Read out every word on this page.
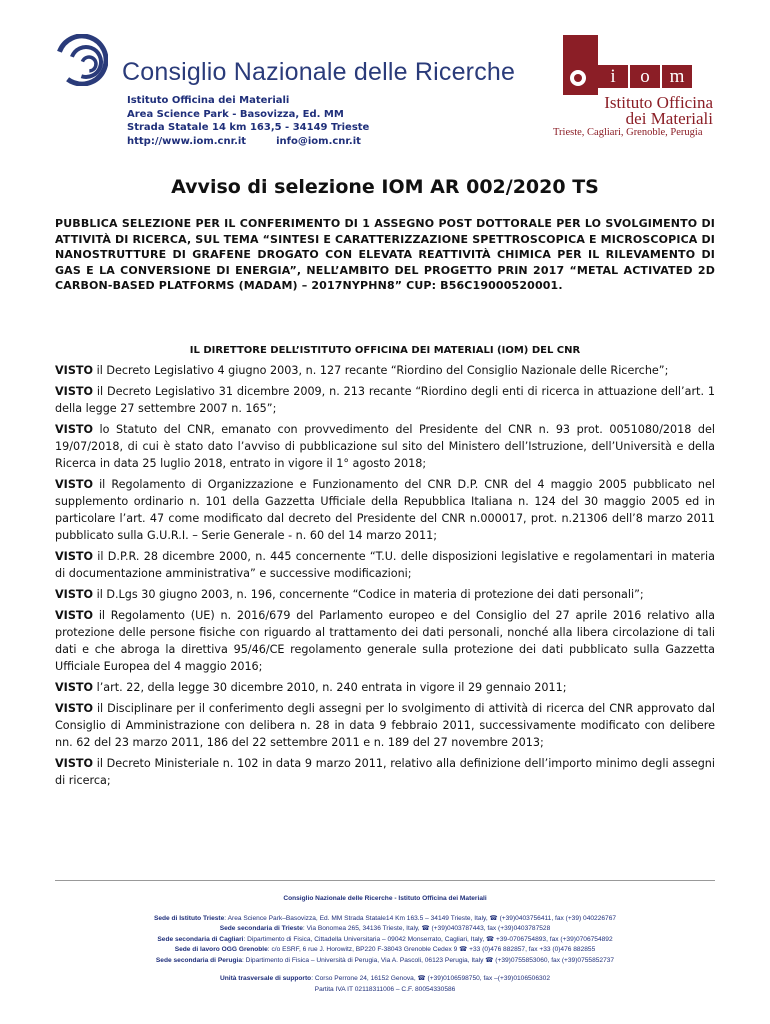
Consiglio Nazionale delle Ricerche
Istituto Officina dei Materiali
Area Science Park - Basovizza, Ed. MM
Strada Statale 14 km 163,5 - 34149 Trieste
http://www.iom.cnr.it	info@iom.cnr.it
i	o	m
Istituto Officina
dei Materiali
Trieste, Cagliari, Grenoble, Perugia
Avviso di selezione IOM AR 002/2020 TS
PUBBLICA SELEZIONE PER IL CONFERIMENTO DI 1 ASSEGNO POST DOTTORALE PER LO SVOLGIMENTO DI ATTIVITÀ DI RICERCA, SUL TEMA “SINTESI E CARATTERIZZAZIONE SPETTROSCOPICA E MICROSCOPICA DI NANOSTRUTTURE DI GRAFENE DROGATO CON ELEVATA REATTIVITÀ CHIMICA PER IL RILEVAMENTO DI GAS E LA CONVERSIONE DI ENERGIA”, NELL’AMBITO DEL PROGETTO PRIN 2017 “METAL ACTIVATED 2D CARBON-BASED PLATFORMS (MADAM) – 2017NYPHN8” CUP: B56C19000520001.
IL DIRETTORE DELL’ISTITUTO OFFICINA DEI MATERIALI (IOM) DEL CNR

VISTO il Decreto Legislativo 4 giugno 2003, n. 127 recante “Riordino del Consiglio Nazionale delle Ricerche”;

VISTO il Decreto Legislativo 31 dicembre 2009, n. 213 recante “Riordino degli enti di ricerca in attuazione dell’art. 1 della legge 27 settembre 2007 n. 165”;

VISTO lo Statuto del CNR, emanato con provvedimento del Presidente del CNR n. 93 prot. 0051080/2018 del 19/07/2018, di cui è stato dato l’avviso di pubblicazione sul sito del Ministero dell’Istruzione, dell’Università e della Ricerca in data 25 luglio 2018, entrato in vigore il 1° agosto 2018;

VISTO il Regolamento di Organizzazione e Funzionamento del CNR D.P. CNR del 4 maggio 2005 pubblicato nel supplemento ordinario n. 101 della Gazzetta Ufficiale della Repubblica Italiana n. 124 del 30 maggio 2005 ed in particolare l’art. 47 come modificato dal decreto del Presidente del CNR n.000017, prot. n.21306 dell’8 marzo 2011 pubblicato sulla G.U.R.I. – Serie Generale - n. 60 del 14 marzo 2011;

VISTO il D.P.R. 28 dicembre 2000, n. 445 concernente “T.U. delle disposizioni legislative e regolamentari in materia di documentazione amministrativa” e successive modificazioni;

VISTO il D.Lgs 30 giugno 2003, n. 196, concernente “Codice in materia di protezione dei dati personali”;

VISTO il Regolamento (UE) n. 2016/679 del Parlamento europeo e del Consiglio del 27 aprile 2016 relativo alla protezione delle persone fisiche con riguardo al trattamento dei dati personali, nonché alla libera circolazione di tali dati e che abroga la direttiva 95/46/CE regolamento generale sulla protezione dei dati pubblicato sulla Gazzetta Ufficiale Europea del 4 maggio 2016;

VISTO l’art. 22, della legge 30 dicembre 2010, n. 240 entrata in vigore il 29 gennaio 2011;

VISTO il Disciplinare per il conferimento degli assegni per lo svolgimento di attività di ricerca del CNR approvato dal Consiglio di Amministrazione con delibera n. 28 in data 9 febbraio 2011, successivamente modificato con delibere nn. 62 del 23 marzo 2011, 186 del 22 settembre 2011 e n. 189 del 27 novembre 2013;

VISTO il Decreto Ministeriale n. 102 in data 9 marzo 2011, relativo alla definizione dell’importo minimo degli assegni di ricerca;

Consiglio Nazionale delle Ricerche - Istituto Officina dei Materiali
Sede di Istituto Trieste: Area Science Park–Basovizza, Ed. MM Strada Statale14 Km 163.5 – 34149 Trieste, Italy, ☎ (+39)0403756411, fax (+39) 040226767
Sede secondaria di Trieste: Via Bonomea 265, 34136 Trieste, Italy, ☎ (+39)0403787443, fax (+39)0403787528
Sede secondaria di Cagliari: Dipartimento di Fisica, Cittadella Universitaria – 09042 Monserrato, Cagliari, Italy, ☎ +39-0706754893, fax (+39)0706754892
Sede di lavoro OGG Grenoble: c/o ESRF, 6 rue J. Horowitz, BP220 F-38043 Grenoble Cedex 9 ☎ +33 (0)476 882857, fax +33 (0)476 882855
Sede secondaria di Perugia: Dipartimento di Fisica – Università di Perugia, Via A. Pascoli, 06123 Perugia, Italy ☎ (+39)0755853060, fax (+39)0755852737
Unità trasversale di supporto: Corso Perrone 24, 16152 Genova, ☎ (+39)0106598750, fax –(+39)0106506302
Partita IVA IT 02118311006 – C.F. 80054330586
